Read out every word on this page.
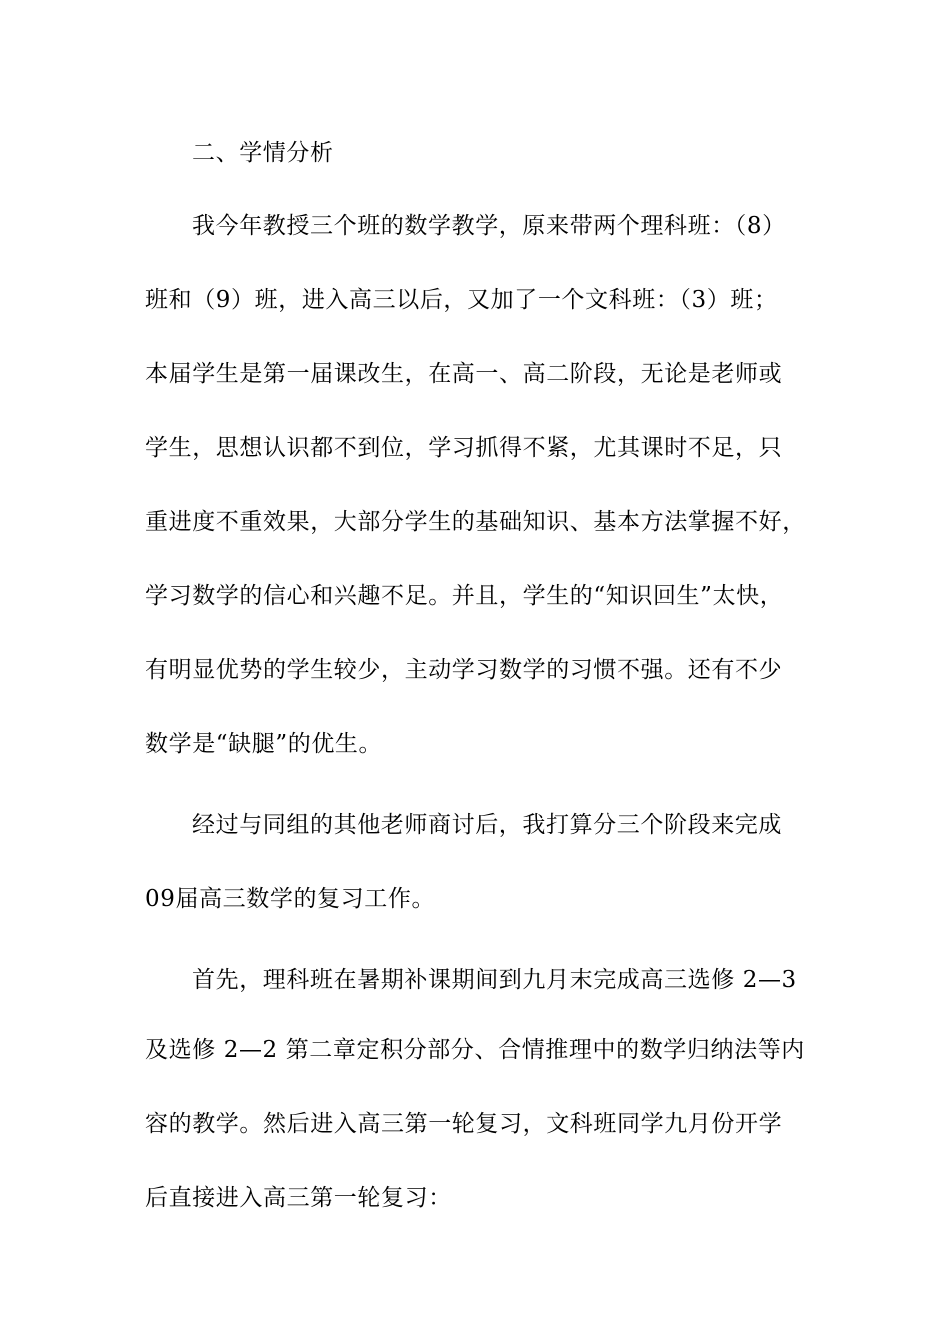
二、学情分析
我今年教授三个班的数学教学，原来带两个理科班：（8）
班和（9）班，进入高三以后，又加了一个文科班：（3）班；
本届学生是第一届课改生，在高一、高二阶段，无论是老师或
学生，思想认识都不到位，学习抓得不紧，尤其课时不足，只
重进度不重效果，大部分学生的基础知识、基本方法掌握不好，
学习数学的信心和兴趣不足。并且，学生的“知识回生”太快，
有明显优势的学生较少，主动学习数学的习惯不强。还有不少
数学是“缺腿”的优生。
经过与同组的其他老师商讨后，我打算分三个阶段来完成
09届高三数学的复习工作。
首先，理科班在暑期补课期间到九月末完成高三选修 2—3
及选修 2—2 第二章定积分部分、合情推理中的数学归纳法等内
容的教学。然后进入高三第一轮复习，文科班同学九月份开学
后直接进入高三第一轮复习：
